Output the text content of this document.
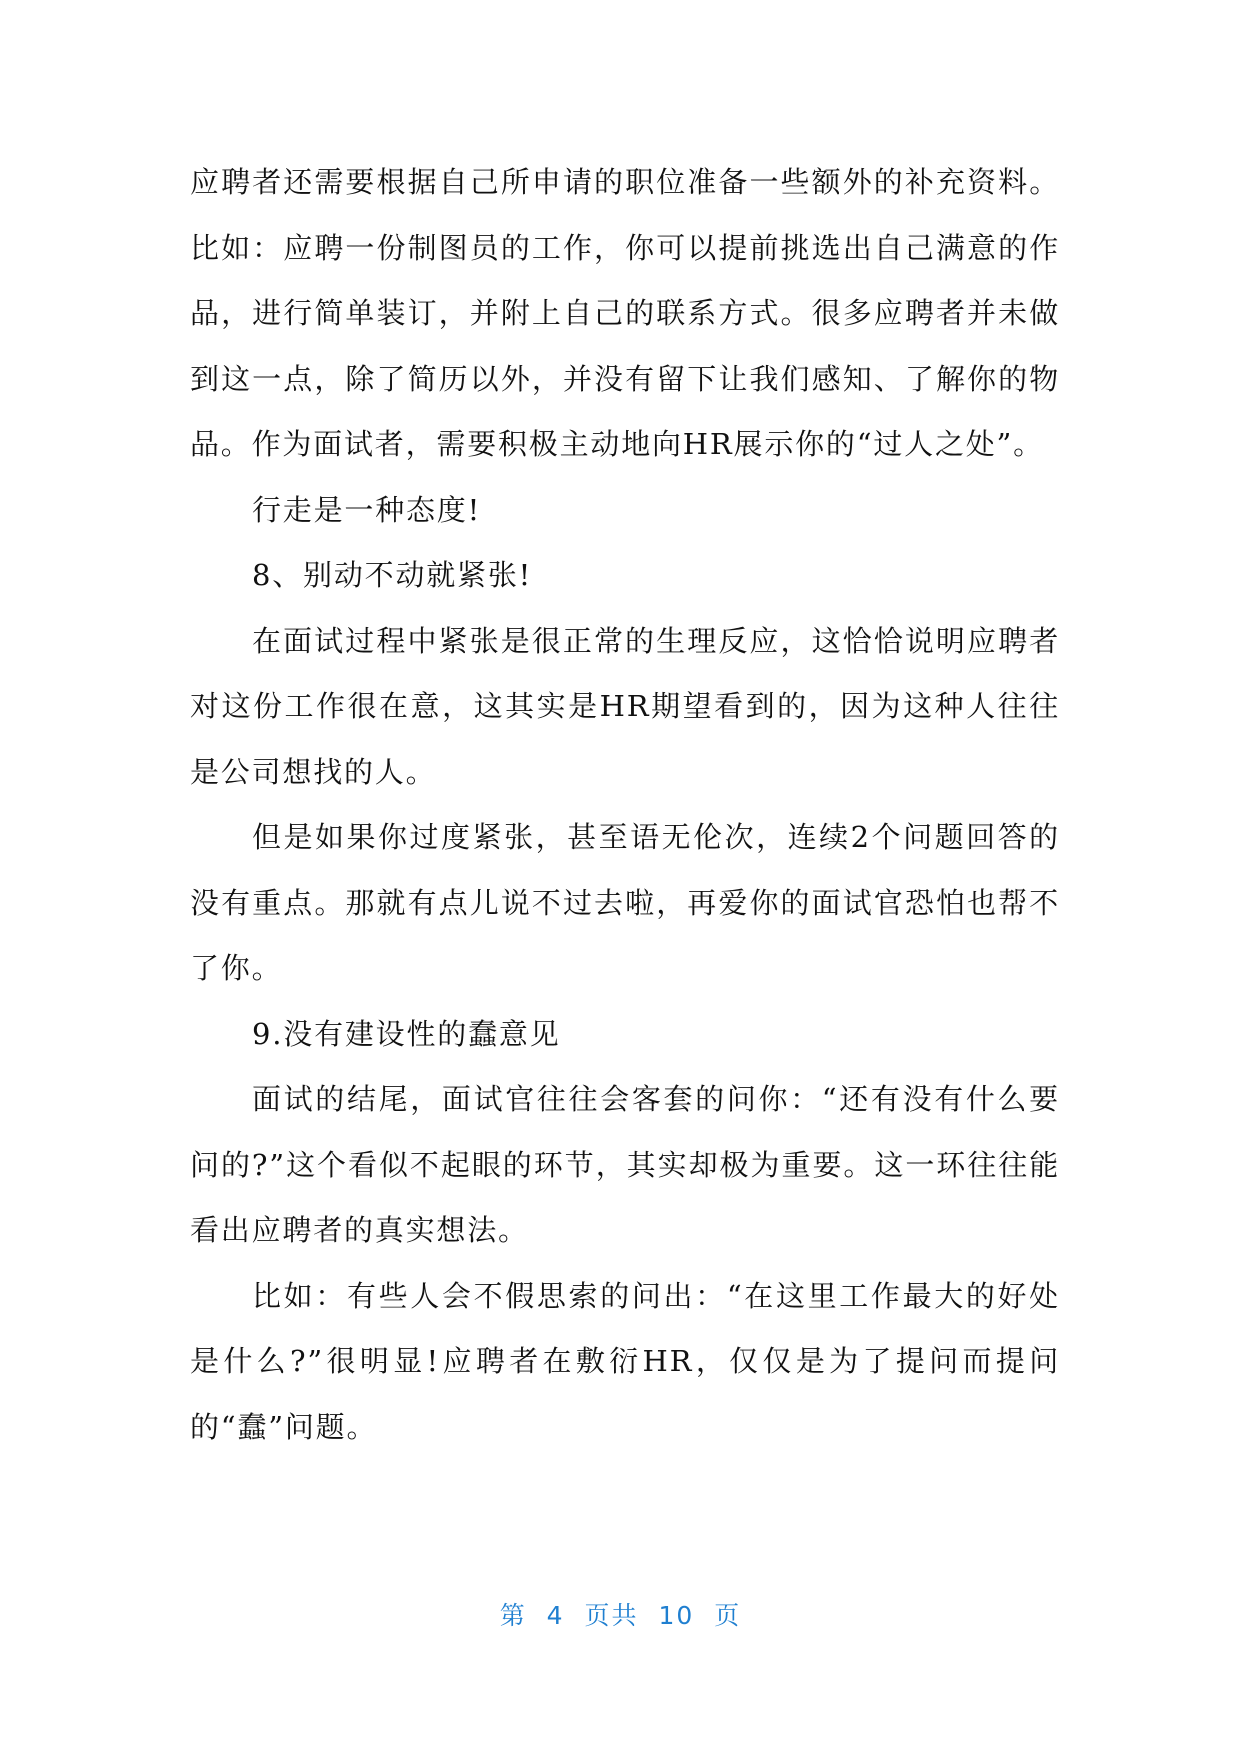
应聘者还需要根据自己所申请的职位准备一些额外的补充资料。比如：应聘一份制图员的工作，你可以提前挑选出自己满意的作品，进行简单装订，并附上自己的联系方式。很多应聘者并未做到这一点，除了简历以外，并没有留下让我们感知、了解你的物品。作为面试者，需要积极主动地向HR展示你的“过人之处”。

行走是一种态度!

8、别动不动就紧张!

在面试过程中紧张是很正常的生理反应，这恰恰说明应聘者对这份工作很在意，这其实是HR期望看到的，因为这种人往往是公司想找的人。

但是如果你过度紧张，甚至语无伦次，连续2个问题回答的没有重点。那就有点儿说不过去啦，再爱你的面试官恐怕也帮不了你。

9.没有建设性的蠢意见

面试的结尾，面试官往往会客套的问你：“还有没有什么要问的?”这个看似不起眼的环节，其实却极为重要。这一环往往能看出应聘者的真实想法。

比如：有些人会不假思索的问出：“在这里工作最大的好处是什么?”很明显!应聘者在敷衍HR，仅仅是为了提问而提问的“蠢”问题。

第 4 页共 10 页
